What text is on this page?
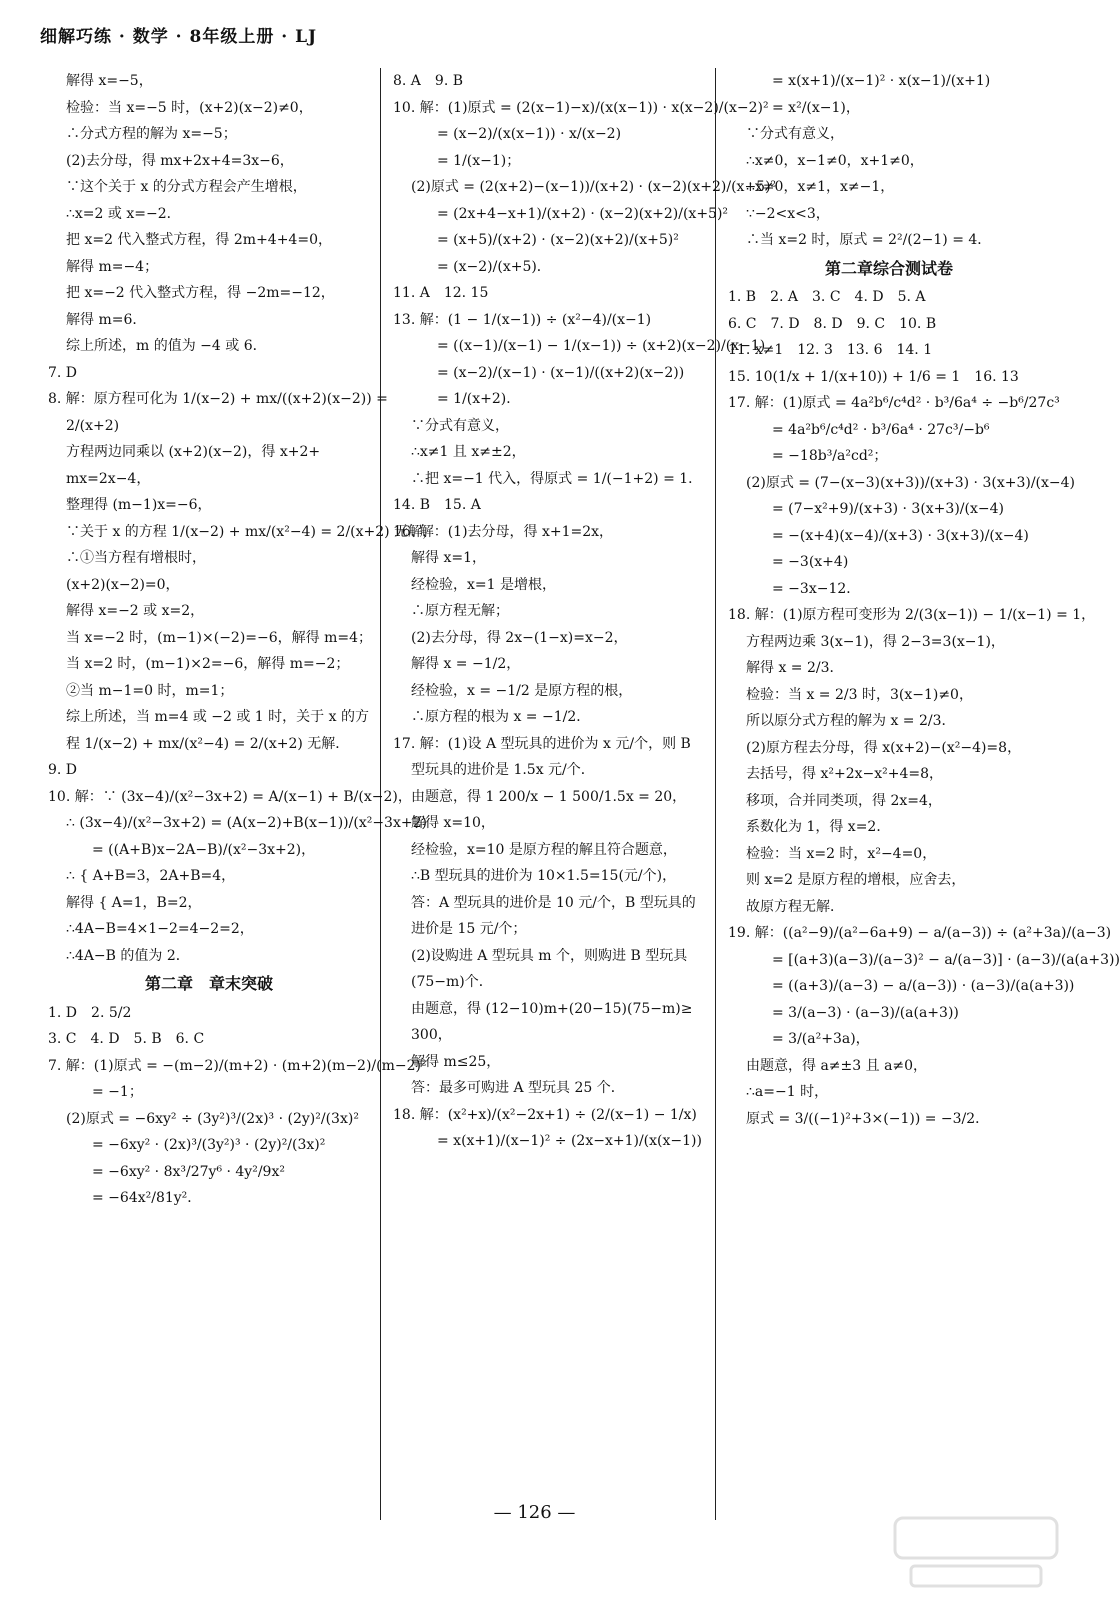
细解巧练 · 数学 · 8年级上册 · LJ
解得 x=−5，
检验：当 x=−5 时，(x+2)(x−2)≠0，
∴分式方程的解为 x=−5；
(2)去分母，得 mx+2x+4=3x−6，
∵这个关于 x 的分式方程会产生增根，
∴x=2 或 x=−2．
把 x=2 代入整式方程，得 2m+4+4=0，
解得 m=−4；
把 x=−2 代入整式方程，得 −2m=−12，
解得 m=6．
综上所述，m 的值为 −4 或 6．
7. D
8. 解：原方程可化为 1/(x−2) + mx/((x+2)(x−2)) =
2/(x+2)
方程两边同乘以 (x+2)(x−2)，得 x+2+
mx=2x−4，
整理得 (m−1)x=−6，
∵关于 x 的方程 1/(x−2) + mx/(x²−4) = 2/(x+2) 无解，
∴①当方程有增根时，
(x+2)(x−2)=0，
解得 x=−2 或 x=2，
当 x=−2 时，(m−1)×(−2)=−6，解得 m=4；
当 x=2 时，(m−1)×2=−6，解得 m=−2；
②当 m−1=0 时，m=1；
综上所述，当 m=4 或 −2 或 1 时，关于 x 的方
程 1/(x−2) + mx/(x²−4) = 2/(x+2) 无解．
9. D
10. 解：∵ (3x−4)/(x²−3x+2) = A/(x−1) + B/(x−2)，
∴ (3x−4)/(x²−3x+2) = (A(x−2)+B(x−1))/(x²−3x+2)
= ((A+B)x−2A−B)/(x²−3x+2)，
∴ { A+B=3，2A+B=4，
解得 { A=1，B=2，
∴4A−B=4×1−2=4−2=2，
∴4A−B 的值为 2．
第二章　章末突破
1. D　2. 5/2
3. C　4. D　5. B　6. C
7. 解：(1)原式 = −(m−2)/(m+2) · (m+2)(m−2)/(m−2)²
= −1；
(2)原式 = −6xy² ÷ (3y²)³/(2x)³ · (2y)²/(3x)²
= −6xy² · (2x)³/(3y²)³ · (2y)²/(3x)²
= −6xy² · 8x³/27y⁶ · 4y²/9x²
= −64x²/81y²．
8. A　9. B
10. 解：(1)原式 = (2(x−1)−x)/(x(x−1)) · x(x−2)/(x−2)²
= (x−2)/(x(x−1)) · x/(x−2)
= 1/(x−1)；
(2)原式 = (2(x+2)−(x−1))/(x+2) · (x−2)(x+2)/(x+5)²
= (2x+4−x+1)/(x+2) · (x−2)(x+2)/(x+5)²
= (x+5)/(x+2) · (x−2)(x+2)/(x+5)²
= (x−2)/(x+5)．
11. A　12. 15
13. 解：(1 − 1/(x−1)) ÷ (x²−4)/(x−1)
= ((x−1)/(x−1) − 1/(x−1)) ÷ (x+2)(x−2)/(x−1)
= (x−2)/(x−1) · (x−1)/((x+2)(x−2))
= 1/(x+2)．
∵分式有意义，
∴x≠1 且 x≠±2，
∴把 x=−1 代入，得原式 = 1/(−1+2) = 1．
14. B　15. A
16. 解：(1)去分母，得 x+1=2x，
解得 x=1，
经检验，x=1 是增根，
∴原方程无解；
(2)去分母，得 2x−(1−x)=x−2，
解得 x = −1/2，
经检验，x = −1/2 是原方程的根，
∴原方程的根为 x = −1/2．
17. 解：(1)设 A 型玩具的进价为 x 元/个，则 B
型玩具的进价是 1.5x 元/个．
由题意，得 1 200/x − 1 500/1.5x = 20，
解得 x=10，
经检验，x=10 是原方程的解且符合题意，
∴B 型玩具的进价为 10×1.5=15(元/个)，
答：A 型玩具的进价是 10 元/个，B 型玩具的
进价是 15 元/个；
(2)设购进 A 型玩具 m 个，则购进 B 型玩具
(75−m)个．
由题意，得 (12−10)m+(20−15)(75−m)≥
300，
解得 m≤25，
答：最多可购进 A 型玩具 25 个．
18. 解：(x²+x)/(x²−2x+1) ÷ (2/(x−1) − 1/x)
= x(x+1)/(x−1)² ÷ (2x−x+1)/(x(x−1))
= x(x+1)/(x−1)² · x(x−1)/(x+1)
= x²/(x−1)，
∵分式有意义，
∴x≠0，x−1≠0，x+1≠0，
∴x≠0，x≠1，x≠−1，
∵−2<x<3，
∴当 x=2 时，原式 = 2²/(2−1) = 4．
第二章综合测试卷
1. B　2. A　3. C　4. D　5. A
6. C　7. D　8. D　9. C　10. B
11. x≠1　12. 3　13. 6　14. 1
15. 10(1/x + 1/(x+10)) + 1/6 = 1　16. 13
17. 解：(1)原式 = 4a²b⁶/c⁴d² · b³/6a⁴ ÷ −b⁶/27c³
= 4a²b⁶/c⁴d² · b³/6a⁴ · 27c³/−b⁶
= −18b³/a²cd²；
(2)原式 = (7−(x−3)(x+3))/(x+3) · 3(x+3)/(x−4)
= (7−x²+9)/(x+3) · 3(x+3)/(x−4)
= −(x+4)(x−4)/(x+3) · 3(x+3)/(x−4)
= −3(x+4)
= −3x−12．
18. 解：(1)原方程可变形为 2/(3(x−1)) − 1/(x−1) = 1，
方程两边乘 3(x−1)，得 2−3=3(x−1)，
解得 x = 2/3．
检验：当 x = 2/3 时，3(x−1)≠0，
所以原分式方程的解为 x = 2/3．
(2)原方程去分母，得 x(x+2)−(x²−4)=8，
去括号，得 x²+2x−x²+4=8，
移项，合并同类项，得 2x=4，
系数化为 1，得 x=2．
检验：当 x=2 时，x²−4=0，
则 x=2 是原方程的增根，应舍去，
故原方程无解．
19. 解：((a²−9)/(a²−6a+9) − a/(a−3)) ÷ (a²+3a)/(a−3)
= [(a+3)(a−3)/(a−3)² − a/(a−3)] · (a−3)/(a(a+3))
= ((a+3)/(a−3) − a/(a−3)) · (a−3)/(a(a+3))
= 3/(a−3) · (a−3)/(a(a+3))
= 3/(a²+3a)，
由题意，得 a≠±3 且 a≠0，
∴a=−1 时，
原式 = 3/((−1)²+3×(−1)) = −3/2．
— 126 —
